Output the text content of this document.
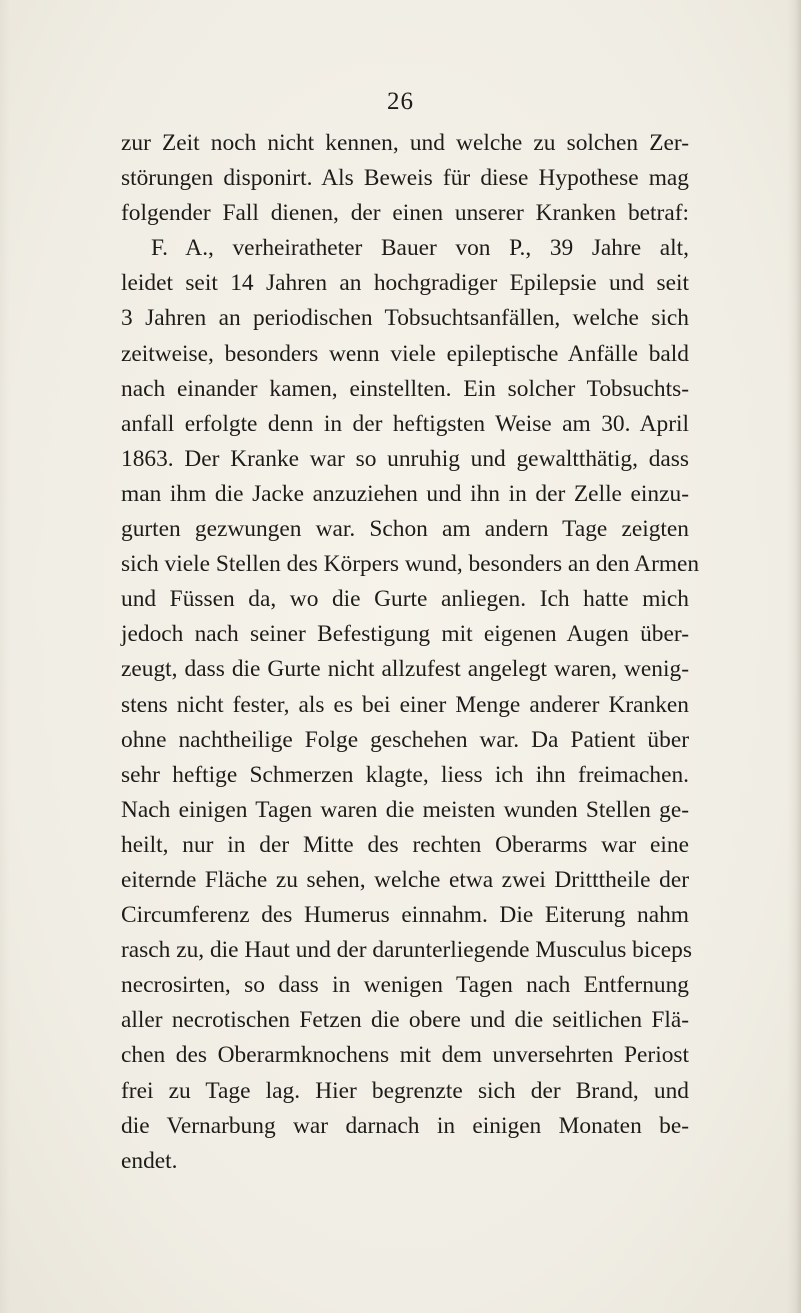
26
zur Zeit noch nicht kennen, und welche zu solchen Zer-
störungen disponirt. Als Beweis für diese Hypothese mag
folgender Fall dienen, der einen unserer Kranken betraf:
F. A., verheiratheter Bauer von P., 39 Jahre alt,
leidet seit 14 Jahren an hochgradiger Epilepsie und seit
3 Jahren an periodischen Tobsuchtsanfällen, welche sich
zeitweise, besonders wenn viele epileptische Anfälle bald
nach einander kamen, einstellten. Ein solcher Tobsuchts-
anfall erfolgte denn in der heftigsten Weise am 30. April
1863. Der Kranke war so unruhig und gewaltthätig, dass
man ihm die Jacke anzuziehen und ihn in der Zelle einzu-
gurten gezwungen war. Schon am andern Tage zeigten
sich viele Stellen des Körpers wund, besonders an den Armen
und Füssen da, wo die Gurte anliegen. Ich hatte mich
jedoch nach seiner Befestigung mit eigenen Augen über-
zeugt, dass die Gurte nicht allzufest angelegt waren, wenig-
stens nicht fester, als es bei einer Menge anderer Kranken
ohne nachtheilige Folge geschehen war. Da Patient über
sehr heftige Schmerzen klagte, liess ich ihn freimachen.
Nach einigen Tagen waren die meisten wunden Stellen ge-
heilt, nur in der Mitte des rechten Oberarms war eine
eiternde Fläche zu sehen, welche etwa zwei Dritttheile der
Circumferenz des Humerus einnahm. Die Eiterung nahm
rasch zu, die Haut und der darunterliegende Musculus biceps
necrosirten, so dass in wenigen Tagen nach Entfernung
aller necrotischen Fetzen die obere und die seitlichen Flä-
chen des Oberarmknochens mit dem unversehrten Periost
frei zu Tage lag. Hier begrenzte sich der Brand, und
die Vernarbung war darnach in einigen Monaten be-
endet.
